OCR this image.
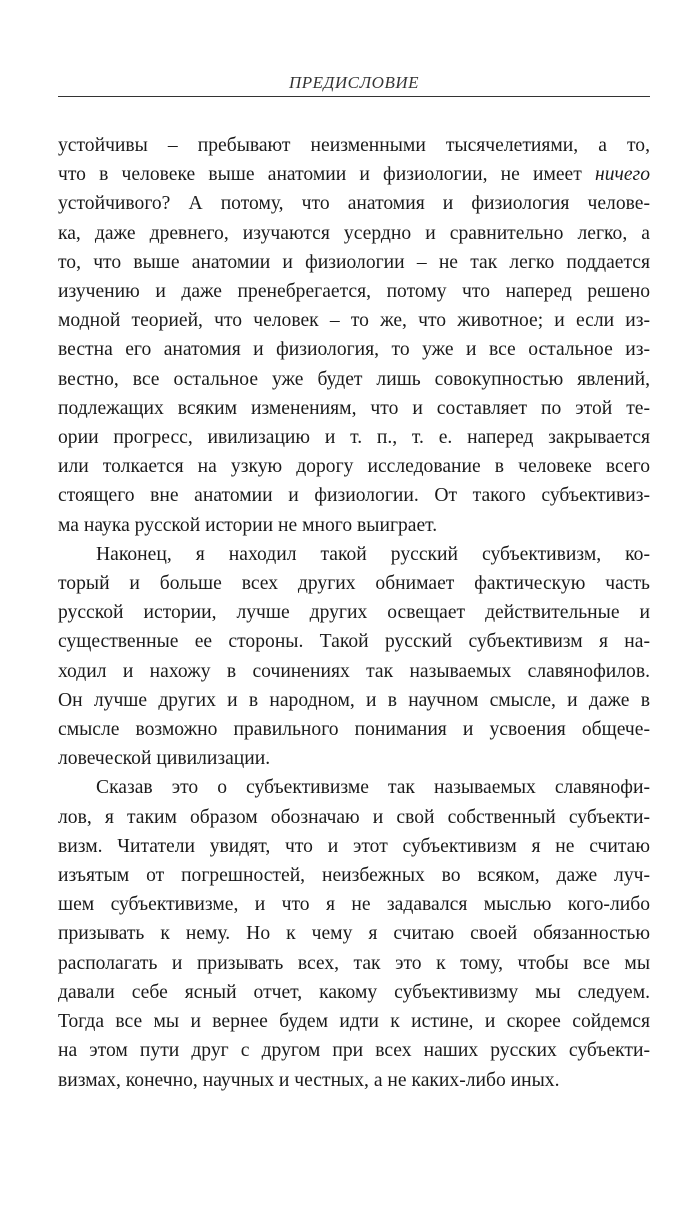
ПРЕДИСЛОВИЕ
устойчивы – пребывают неизменными тысячелетиями, а то,
что в человеке выше анатомии и физиологии, не имеет ничего
устойчивого? А потому, что анатомия и физиология челове-
ка, даже древнего, изучаются усердно и сравнительно легко, а
то, что выше анатомии и физиологии – не так легко поддается
изучению и даже пренебрегается, потому что наперед решено
модной теорией, что человек – то же, что животное; и если из-
вестна его анатомия и физиология, то уже и все остальное из-
вестно, все остальное уже будет лишь совокупностью явлений,
подлежащих всяким изменениям, что и составляет по этой те-
ории прогресс, ивилизацию и т. п., т. е. наперед закрывается
или толкается на узкую дорогу исследование в человеке всего
стоящего вне анатомии и физиологии. От такого субъективиз-
ма наука русской истории не много выиграет.
Наконец, я находил такой русский субъективизм, ко-
торый и больше всех других обнимает фактическую часть
русской истории, лучше других освещает действительные и
существенные ее стороны. Такой русский субъективизм я на-
ходил и нахожу в сочинениях так называемых славянофилов.
Он лучше других и в народном, и в научном смысле, и даже в
смысле возможно правильного понимания и усвоения общече-
ловеческой цивилизации.
Сказав это о субъективизме так называемых славянофи-
лов, я таким образом обозначаю и свой собственный субъекти-
визм. Читатели увидят, что и этот субъективизм я не считаю
изъятым от погрешностей, неизбежных во всяком, даже луч-
шем субъективизме, и что я не задавался мыслью кого-либо
призывать к нему. Но к чему я считаю своей обязанностью
располагать и призывать всех, так это к тому, чтобы все мы
давали себе ясный отчет, какому субъективизму мы следуем.
Тогда все мы и вернее будем идти к истине, и скорее сойдемся
на этом пути друг с другом при всех наших русских субъекти-
визмах, конечно, научных и честных, а не каких-либо иных.
